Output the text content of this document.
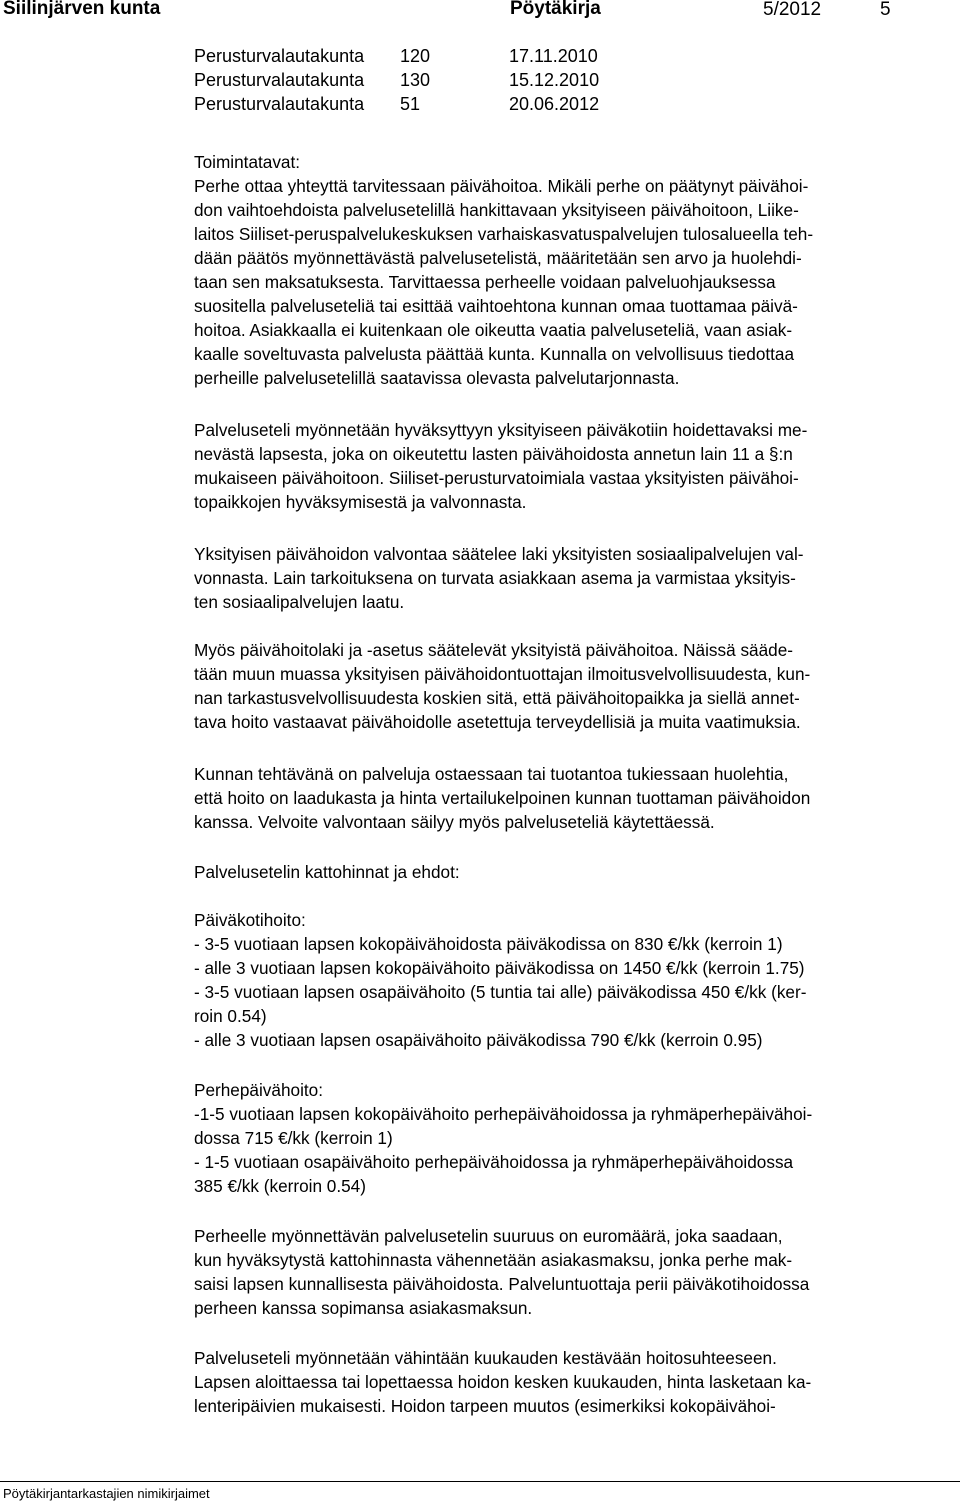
Siilinjärven kunta	Pöytäkirja	5/2012	5
Perusturvalautakunta 120	17.11.2010
Perusturvalautakunta 130	15.12.2010
Perusturvalautakunta 51	20.06.2012
Toimintatavat:
Perhe ottaa yhteyttä tarvitessaan päivähoitoa. Mikäli perhe on päätynyt päivähoi-
don vaihtoehdoista palvelusetelillä hankittavaan yksityiseen päivähoitoon, Liike-
laitos Siiliset-peruspalvelukeskuksen varhaiskasvatuspalvelujen tulosalueella teh-
dään päätös myönnettävästä palvelusetelistä, määritetään sen arvo ja huolehdi-
taan sen maksatuksesta. Tarvittaessa perheelle voidaan palveluohjauksessa
suositella palveluseteliä tai esittää vaihtoehtona kunnan omaa tuottamaa päivä-
hoitoa. Asiakkaalla ei kuitenkaan ole oikeutta vaatia palveluseteliä, vaan asiak-
kaalle soveltuvasta palvelusta päättää kunta. Kunnalla on velvollisuus tiedottaa
perheille palvelusetelillä saatavissa olevasta palvelutarjonnasta.
Palveluseteli myönnetään hyväksyttyyn yksityiseen päiväkotiin hoidettavaksi me-
nevästä lapsesta, joka on oikeutettu lasten päivähoidosta annetun lain 11 a §:n
mukaiseen päivähoitoon. Siiliset-perusturvatoimiala vastaa yksityisten päivähoi-
topaikkojen hyväksymisestä ja valvonnasta.
Yksityisen päivähoidon valvontaa säätelee laki yksityisten sosiaalipalvelujen val-
vonnasta. Lain tarkoituksena on turvata asiakkaan asema ja varmistaa yksityis-
ten sosiaalipalvelujen laatu.
Myös päivähoitolaki ja -asetus säätelevät yksityistä päivähoitoa. Näissä sääde-
tään muun muassa yksityisen päivähoidontuottajan ilmoitusvelvollisuudesta, kun-
nan tarkastusvelvollisuudesta koskien sitä, että päivähoitopaikka ja siellä annet-
tava hoito vastaavat päivähoidolle asetettuja terveydellisiä ja muita vaatimuksia.
Kunnan tehtävänä on palveluja ostaessaan tai tuotantoa tukiessaan huolehtia,
että hoito on laadukasta ja hinta vertailukelpoinen kunnan tuottaman päivähoidon
kanssa. Velvoite valvontaan säilyy myös palveluseteliä käytettäessä.
Palvelusetelin kattohinnat ja ehdot:
Päiväkotihoito:
- 3-5 vuotiaan lapsen kokopäivähoidosta päiväkodissa on 830 €/kk (kerroin 1)
- alle 3 vuotiaan lapsen kokopäivähoito päiväkodissa on 1450 €/kk (kerroin 1.75)
- 3-5 vuotiaan lapsen osapäivähoito (5 tuntia tai alle) päiväkodissa 450 €/kk (ker-
roin 0.54)
- alle 3 vuotiaan lapsen osapäivähoito päiväkodissa 790 €/kk (kerroin 0.95)
Perhepäivähoito:
-1-5 vuotiaan lapsen kokopäivähoito perhepäivähoidossa ja ryhmäperhepäivähoi-
dossa 715 €/kk (kerroin 1)
- 1-5 vuotiaan osapäivähoito perhepäivähoidossa ja ryhmäperhepäivähoidossa
385 €/kk (kerroin 0.54)
Perheelle myönnettävän palvelusetelin suuruus on euromäärä, joka saadaan,
kun hyväksytystä kattohinnasta vähennetään asiakasmaksu, jonka perhe mak-
saisi lapsen kunnallisesta päivähoidosta. Palveluntuottaja perii päiväkotihoidossa
perheen kanssa sopimansa asiakasmaksun.
Palveluseteli myönnetään vähintään kuukauden kestävään hoitosuhteeseen.
Lapsen aloittaessa tai lopettaessa hoidon kesken kuukauden, hinta lasketaan ka-
lenteripäivien mukaisesti. Hoidon tarpeen muutos (esimerkiksi kokopäivähoi-
Pöytäkirjantarkastajien nimikirjaimet
